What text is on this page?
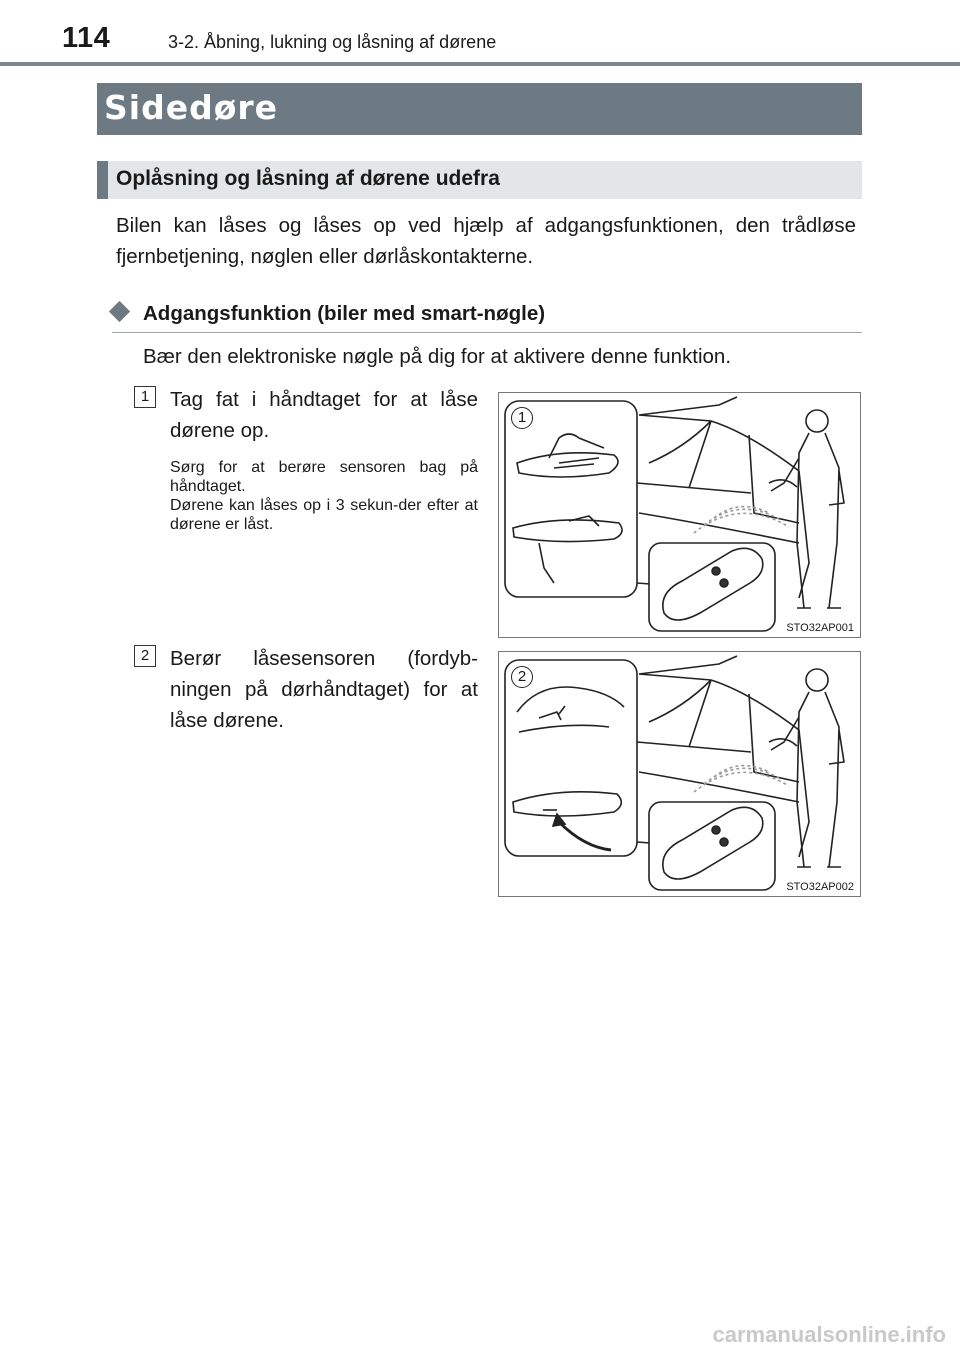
114	3-2. Åbning, lukning og låsning af dørene
Sidedøre
Oplåsning og låsning af dørene udefra
Bilen kan låses og låses op ved hjælp af adgangsfunktionen, den trådløse fjernbetjening, nøglen eller dørlåskontakterne.
Adgangsfunktion (biler med smart-nøgle)
Bær den elektroniske nøgle på dig for at aktivere denne funktion.
1	Tag fat i håndtaget for at låse dørene op.
Sørg for at berøre sensoren bag på håndtaget.
Dørene kan låses op i 3 sekun-der efter at dørene er låst.
1
STO32AP001
2	Berør låsesensoren (fordyb-ningen på dørhåndtaget) for at låse dørene.
2
STO32AP002
carmanualsonline.info
